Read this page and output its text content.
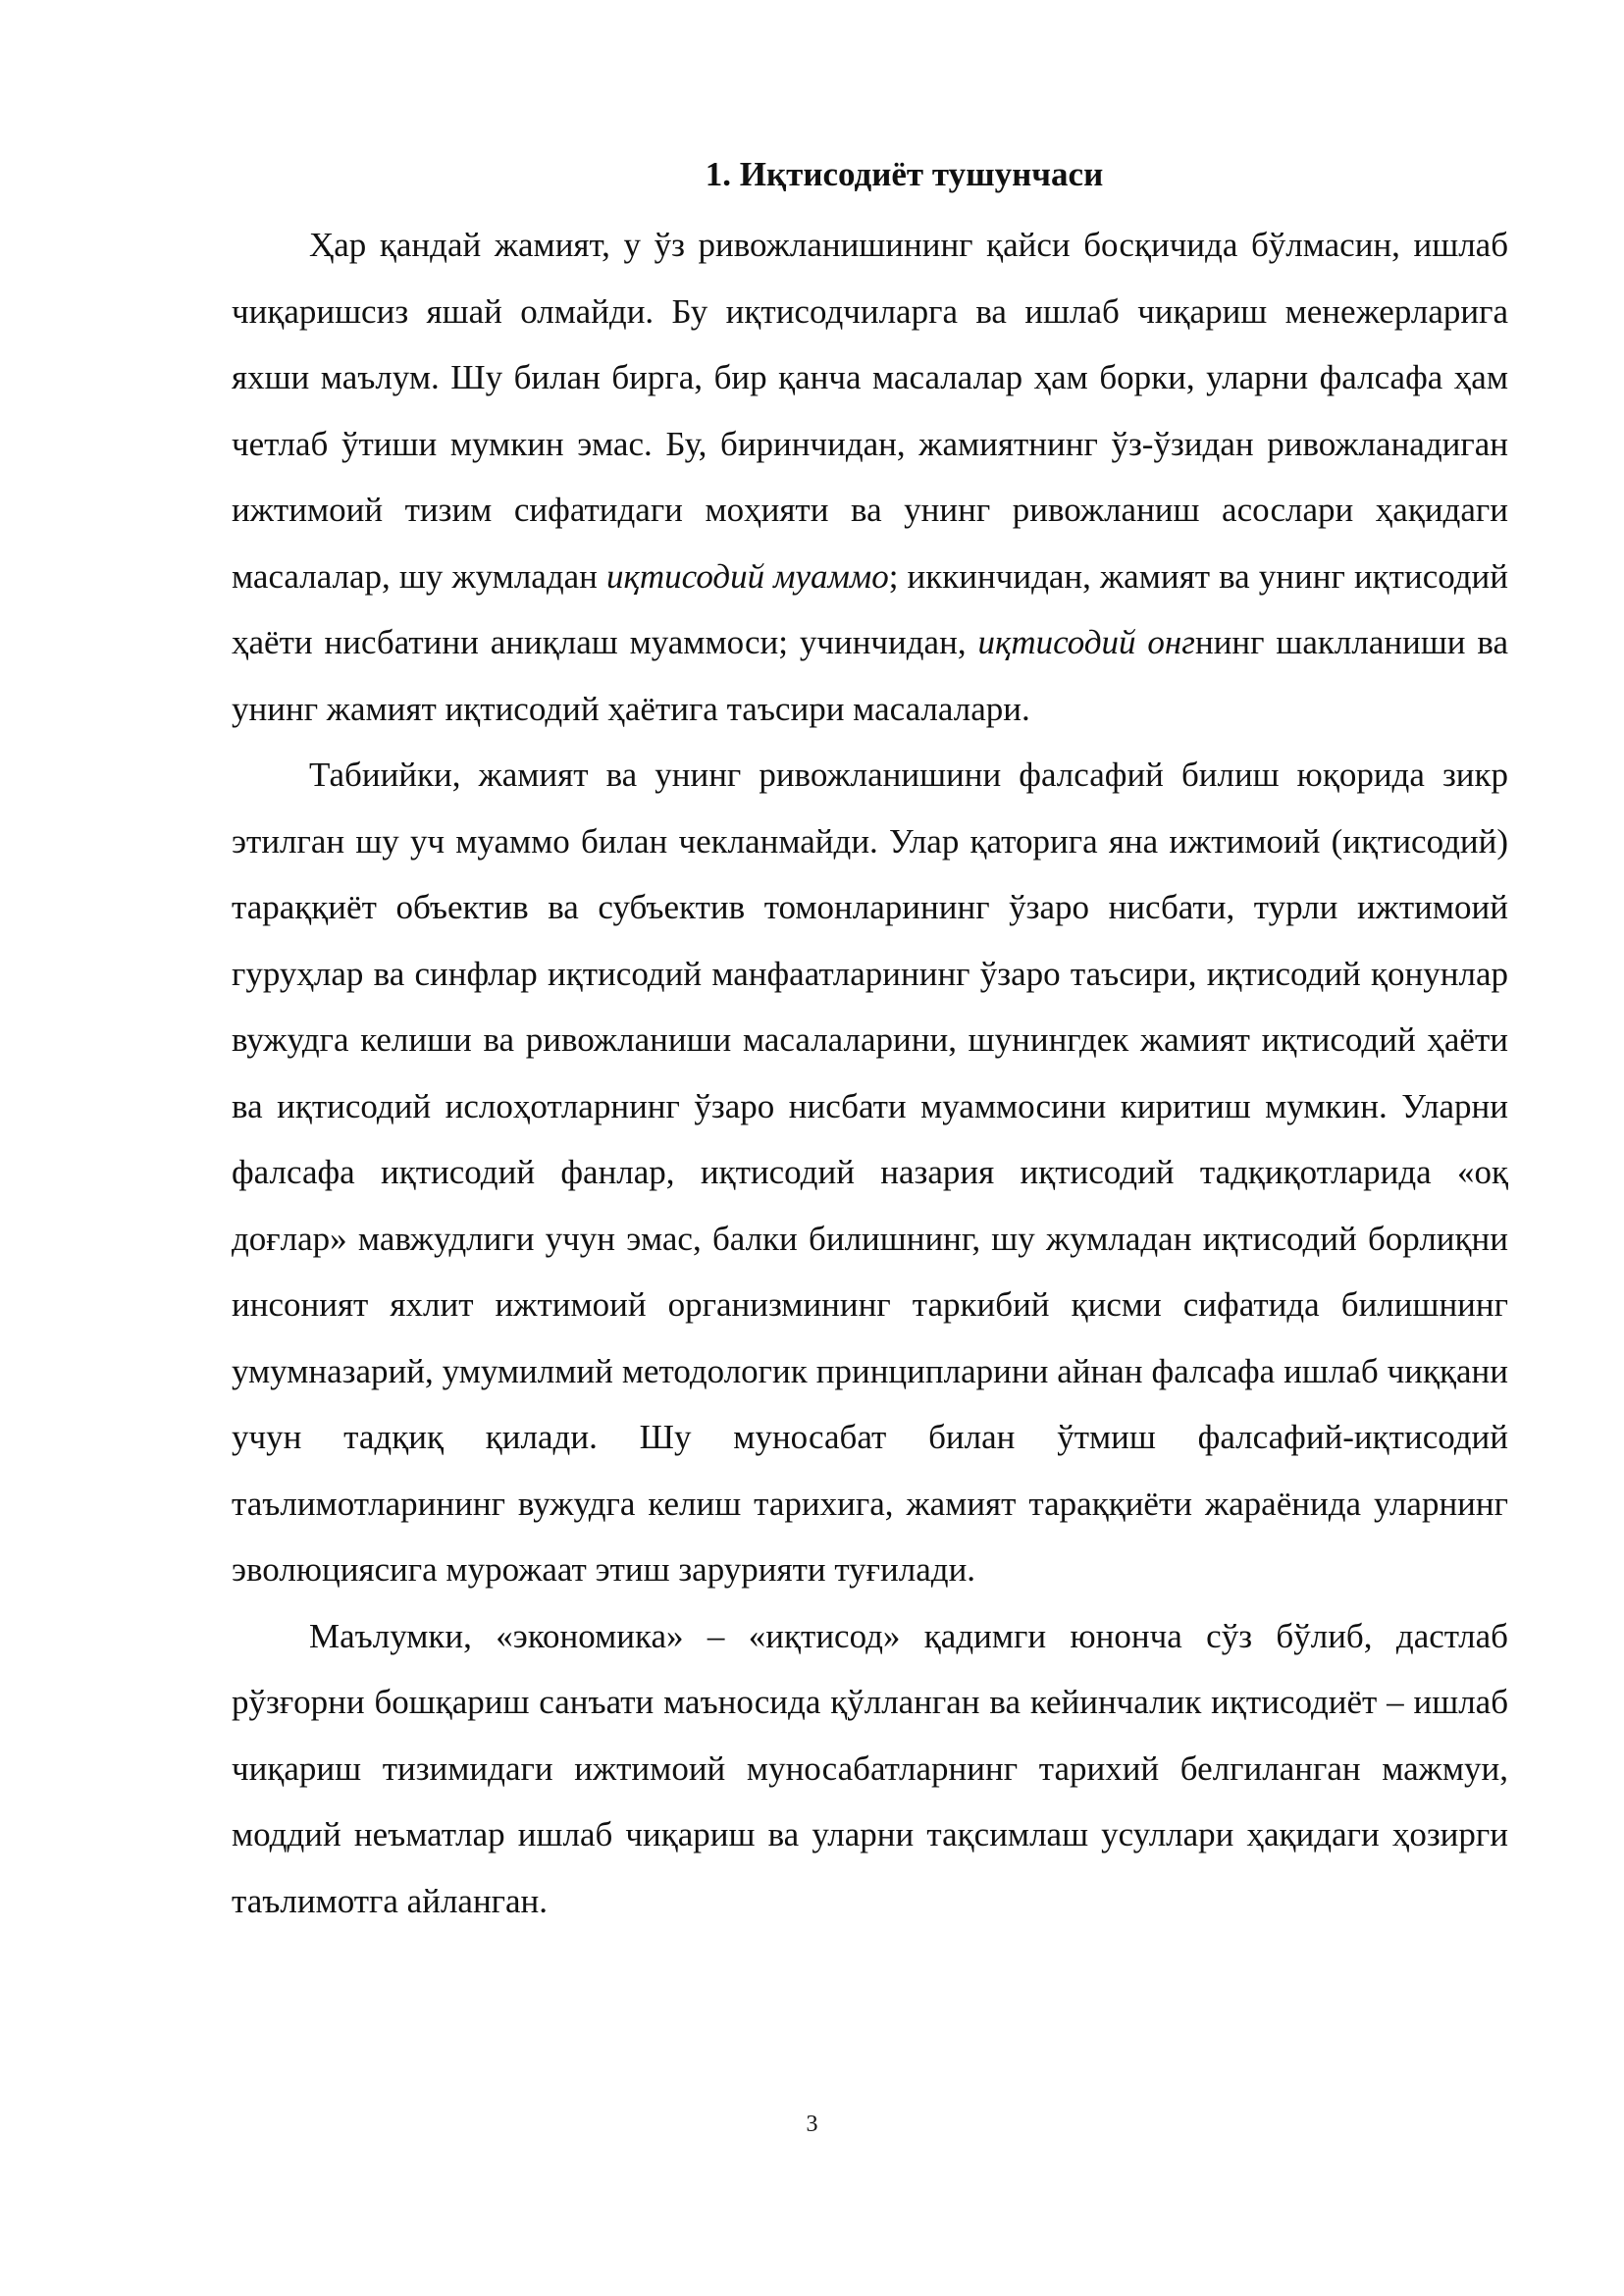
1. Иқтисодиёт тушунчаси

Ҳар қандай жамият, у ўз ривожланишининг қайси босқичида бўлмасин, ишлаб чиқаришсиз яшай олмайди. Бу иқтисодчиларга ва ишлаб чиқариш менежерларига яхши маълум. Шу билан бирга, бир қанча масалалар ҳам борки, уларни фалсафа ҳам четлаб ўтиши мумкин эмас. Бу, биринчидан, жамиятнинг ўз-ўзидан ривожланадиган ижтимоий тизим сифатидаги моҳияти ва унинг ривожланиш асослари ҳақидаги масалалар, шу жумладан иқтисодий муаммо; иккинчидан, жамият ва унинг иқтисодий ҳаёти нисбатини аниқлаш муаммоси; учинчидан, иқтисодий онгнинг шаклланиши ва унинг жамият иқтисодий ҳаётига таъсири масалалари.

Табиийки, жамият ва унинг ривожланишини фалсафий билиш юқорида зикр этилган шу уч муаммо билан чекланмайди. Улар қаторига яна ижтимоий (иқтисодий) тараққиёт объектив ва субъектив томонларининг ўзаро нисбати, турли ижтимоий гуруҳлар ва синфлар иқтисодий манфаатларининг ўзаро таъсири, иқтисодий қонунлар вужудга келиши ва ривожланиши масалаларини, шунингдек жамият иқтисодий ҳаёти ва иқтисодий ислоҳотларнинг ўзаро нисбати муаммосини киритиш мумкин. Уларни фалсафа иқтисодий фанлар, иқтисодий назария иқтисодий тадқиқотларида «оқ доғлар» мавжудлиги учун эмас, балки билишнинг, шу жумладан иқтисодий борлиқни инсоният яхлит ижтимоий организмининг таркибий қисми сифатида билишнинг умумназарий, умумилмий методологик принципларини айнан фалсафа ишлаб чиққани учун тадқиқ қилади. Шу муносабат билан ўтмиш фалсафий-иқтисодий таълимотларининг вужудга келиш тарихига, жамият тараққиёти жараёнида уларнинг эволюциясига мурожаат этиш зарурияти туғилади.

Маълумки, «экономика» – «иқтисод» қадимги юнонча сўз бўлиб, дастлаб рўзғорни бошқариш санъати маъносида қўлланган ва кейинчалик иқтисодиёт – ишлаб чиқариш тизимидаги ижтимоий муносабатларнинг тарихий белгиланган мажмуи, моддий неъматлар ишлаб чиқариш ва уларни тақсимлаш усуллари ҳақидаги ҳозирги таълимотга айланган.

3
